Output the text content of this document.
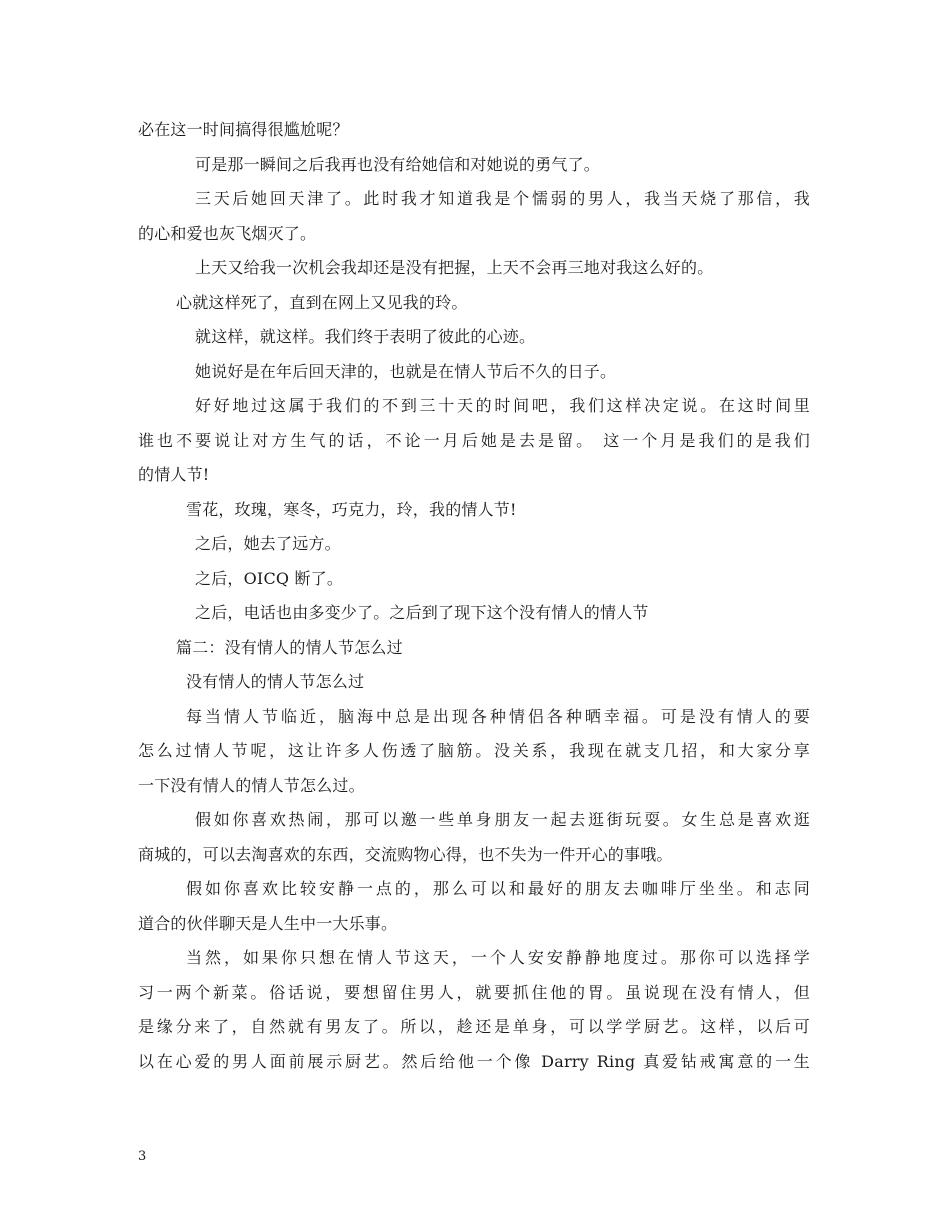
必在这一时间搞得很尴尬呢？
可是那一瞬间之后我再也没有给她信和对她说的勇气了。
三天后她回天津了。此时我才知道我是个懦弱的男人，我当天烧了那信，我
的心和爱也灰飞烟灭了。
上天又给我一次机会我却还是没有把握，上天不会再三地对我这么好的。
心就这样死了，直到在网上又见我的玲。
就这样，就这样。我们终于表明了彼此的心迹。
她说好是在年后回天津的，也就是在情人节后不久的日子。
好好地过这属于我们的不到三十天的时间吧，我们这样决定说。在这时间里
谁也不要说让对方生气的话，不论一月后她是去是留。 这一个月是我们的是我们
的情人节!
雪花，玫瑰，寒冬，巧克力，玲，我的情人节!
之后，她去了远方。
之后，OICQ 断了。
之后，电话也由多变少了。之后到了现下这个没有情人的情人节
篇二：没有情人的情人节怎么过
没有情人的情人节怎么过
每当情人节临近，脑海中总是出现各种情侣各种晒幸福。可是没有情人的要
怎么过情人节呢，这让许多人伤透了脑筋。没关系，我现在就支几招，和大家分享
一下没有情人的情人节怎么过。
假如你喜欢热闹，那可以邀一些单身朋友一起去逛街玩耍。女生总是喜欢逛
商城的，可以去淘喜欢的东西，交流购物心得，也不失为一件开心的事哦。
假如你喜欢比较安静一点的，那么可以和最好的朋友去咖啡厅坐坐。和志同
道合的伙伴聊天是人生中一大乐事。
当然，如果你只想在情人节这天，一个人安安静静地度过。那你可以选择学
习一两个新菜。俗话说，要想留住男人，就要抓住他的胃。虽说现在没有情人，但
是缘分来了，自然就有男友了。所以，趁还是单身，可以学学厨艺。这样，以后可
以在心爱的男人面前展示厨艺。然后给他一个像 Darry Ring 真爱钻戒寓意的一生
3
